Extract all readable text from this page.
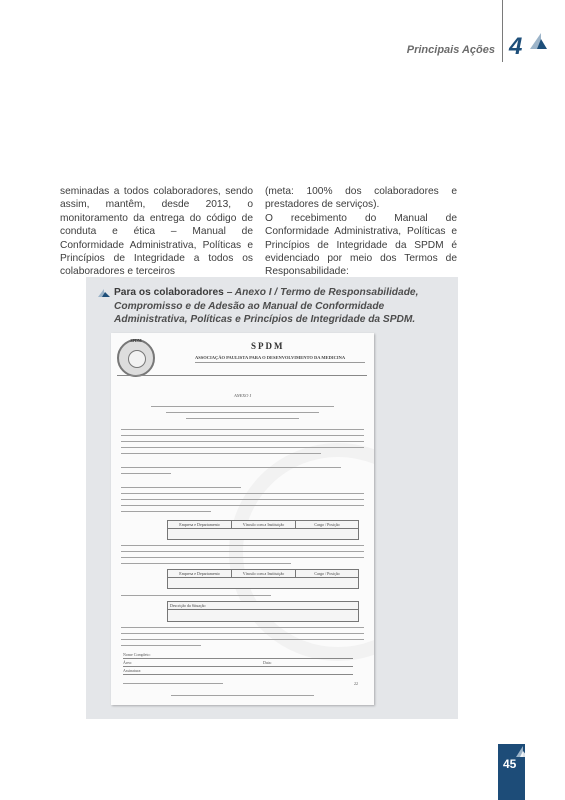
Principais Ações 4

seminadas a todos colaboradores, sendo assim, mantêm, desde 2013, o monitoramento da entrega do código de conduta e ética – Manual de Conformidade Administrativa, Políticas e Princípios de Integridade a todos os colaboradores e terceiros

(meta: 100% dos colaboradores e prestadores de serviços).

O recebimento do Manual de Conformidade Administrativa, Políticas e Princípios de Integridade da SPDM é evidenciado por meio dos Termos de Responsabilidade:

Para os colaboradores – Anexo I / Termo de Responsabilidade, Compromisso e de Adesão ao Manual de Conformidade Administrativa, Políticas e Princípios de Integridade da SPDM.
SPDM
SPDM
ASSOCIAÇÃO PAULISTA PARA O DESENVOLVIMENTO DA MEDICINA
ANEXO I
Empresa e Departamento	Vínculo com a Instituição	Cargo / Posição
Empresa e Departamento	Vínculo com a Instituição	Cargo / Posição
Descrição da Situação
Nome Completo:
Área:	Data:
Assinatura:
22
45
